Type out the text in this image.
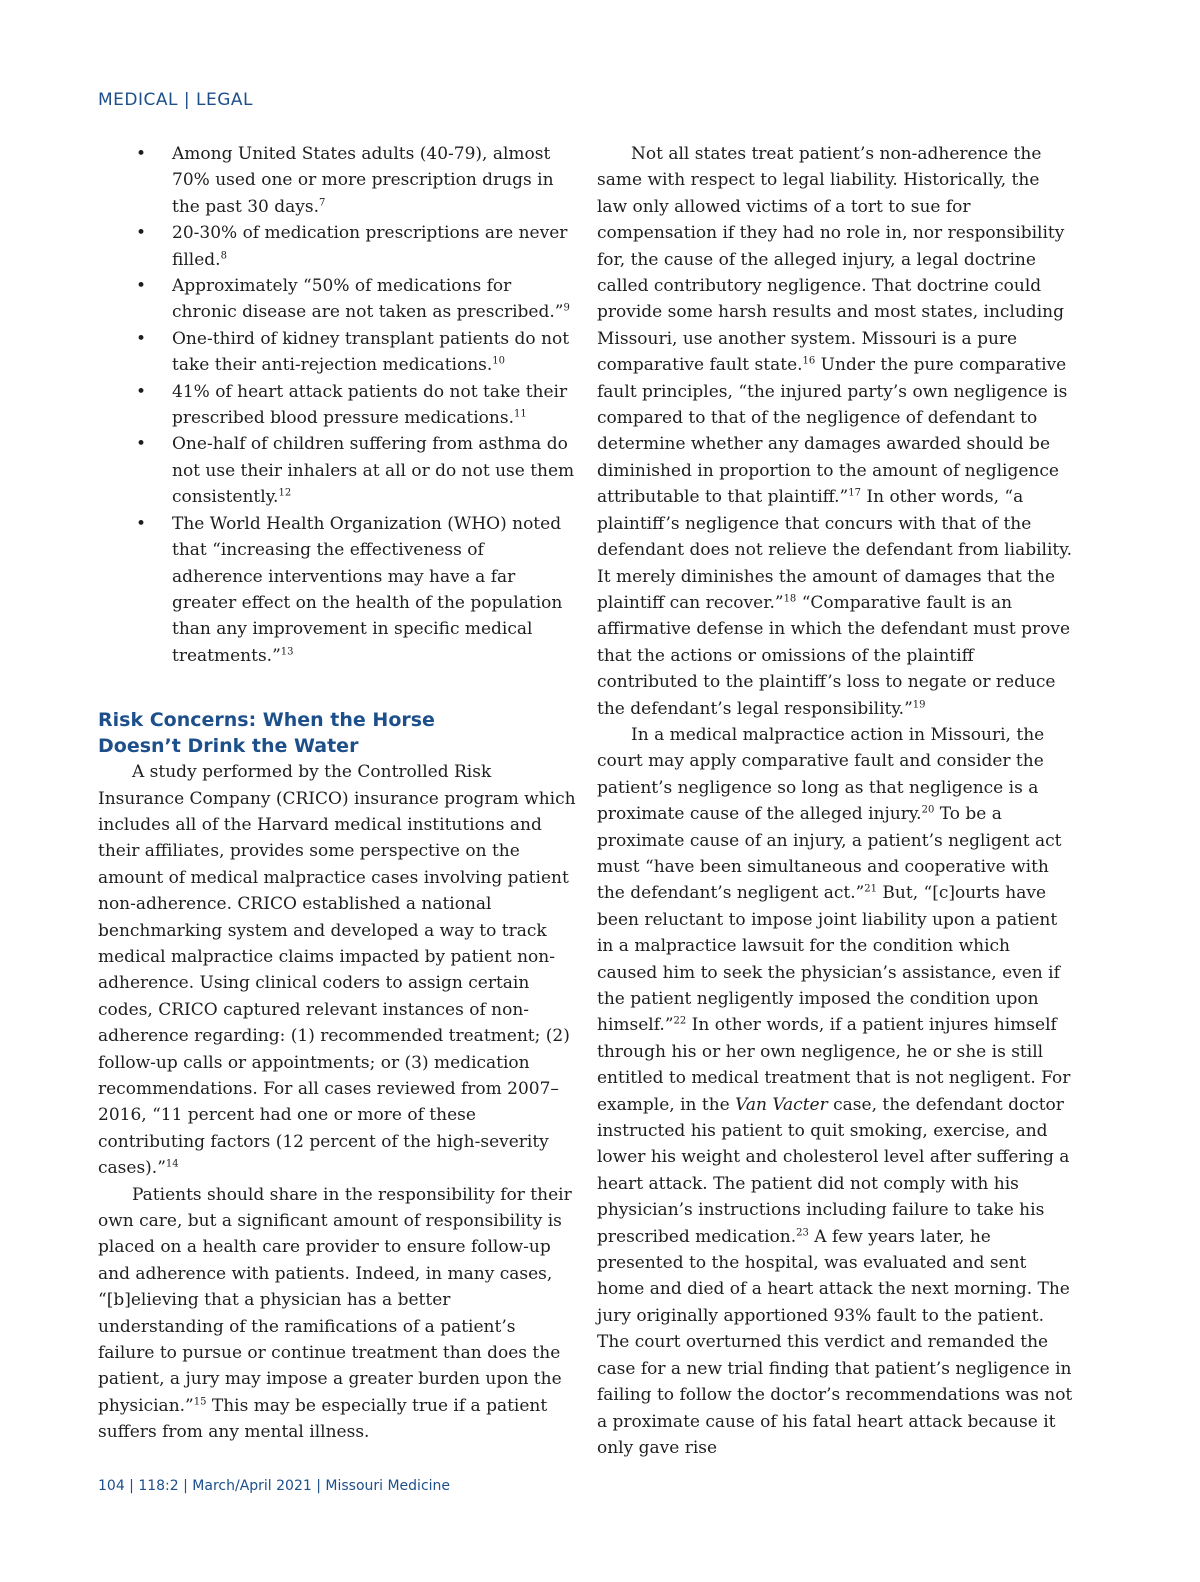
MEDICAL | LEGAL
• Among United States adults (40-79), almost 70% used one or more prescription drugs in the past 30 days.$^7$
• 20-30% of medication prescriptions are never filled.$^8$
• Approximately “50% of medications for chronic disease are not taken as prescribed.”$^9$
• One-third of kidney transplant patients do not take their anti-rejection medications.$^{10}$
• 41% of heart attack patients do not take their prescribed blood pressure medications.$^{11}$
• One-half of children suffering from asthma do not use their inhalers at all or do not use them consistently.$^{12}$
• The World Health Organization (WHO) noted that “increasing the effectiveness of adherence interventions may have a far greater effect on the health of the population than any improvement in specific medical treatments.”$^{13}$
Risk Concerns: When the Horse
Doesn’t Drink the Water

A study performed by the Controlled Risk Insurance Company (CRICO) insurance program which includes all of the Harvard medical institutions and their affiliates, provides some perspective on the amount of medical malpractice cases involving patient non-adherence. CRICO established a national benchmarking system and developed a way to track medical malpractice claims impacted by patient non-adherence. Using clinical coders to assign certain codes, CRICO captured relevant instances of non-adherence regarding: (1) recommended treatment; (2) follow-up calls or appointments; or (3) medication recommendations. For all cases reviewed from 2007–2016, “11 percent had one or more of these contributing factors (12 percent of the high-severity cases).”$^{14}$

Patients should share in the responsibility for their own care, but a significant amount of responsibility is placed on a health care provider to ensure follow-up and adherence with patients. Indeed, in many cases, “[b]elieving that a physician has a better understanding of the ramifications of a patient’s failure to pursue or continue treatment than does the patient, a jury may impose a greater burden upon the physician.”$^{15}$ This may be especially true if a patient suffers from any mental illness.

Not all states treat patient’s non-adherence the same with respect to legal liability. Historically, the law only allowed victims of a tort to sue for compensation if they had no role in, nor responsibility for, the cause of the alleged injury, a legal doctrine called contributory negligence. That doctrine could provide some harsh results and most states, including Missouri, use another system. Missouri is a pure comparative fault state.$^{16}$ Under the pure comparative fault principles, “the injured party’s own negligence is compared to that of the negligence of defendant to determine whether any damages awarded should be diminished in proportion to the amount of negligence attributable to that plaintiff.”$^{17}$ In other words, “a plaintiff’s negligence that concurs with that of the defendant does not relieve the defendant from liability. It merely diminishes the amount of damages that the plaintiff can recover.”$^{18}$ “Comparative fault is an affirmative defense in which the defendant must prove that the actions or omissions of the plaintiff contributed to the plaintiff’s loss to negate or reduce the defendant’s legal responsibility.”$^{19}$

In a medical malpractice action in Missouri, the court may apply comparative fault and consider the patient’s negligence so long as that negligence is a proximate cause of the alleged injury.$^{20}$ To be a proximate cause of an injury, a patient’s negligent act must “have been simultaneous and cooperative with the defendant’s negligent act.”$^{21}$ But, “[c]ourts have been reluctant to impose joint liability upon a patient in a malpractice lawsuit for the condition which caused him to seek the physician’s assistance, even if the patient negligently imposed the condition upon himself.”$^{22}$ In other words, if a patient injures himself through his or her own negligence, he or she is still entitled to medical treatment that is not negligent. For example, in the Van Vacter case, the defendant doctor instructed his patient to quit smoking, exercise, and lower his weight and cholesterol level after suffering a heart attack. The patient did not comply with his physician’s instructions including failure to take his prescribed medication.$^{23}$ A few years later, he presented to the hospital, was evaluated and sent home and died of a heart attack the next morning. The jury originally apportioned 93% fault to the patient. The court overturned this verdict and remanded the case for a new trial finding that patient’s negligence in failing to follow the doctor’s recommendations was not a proximate cause of his fatal heart attack because it only gave rise

104 | 118:2 | March/April 2021 | Missouri Medicine
